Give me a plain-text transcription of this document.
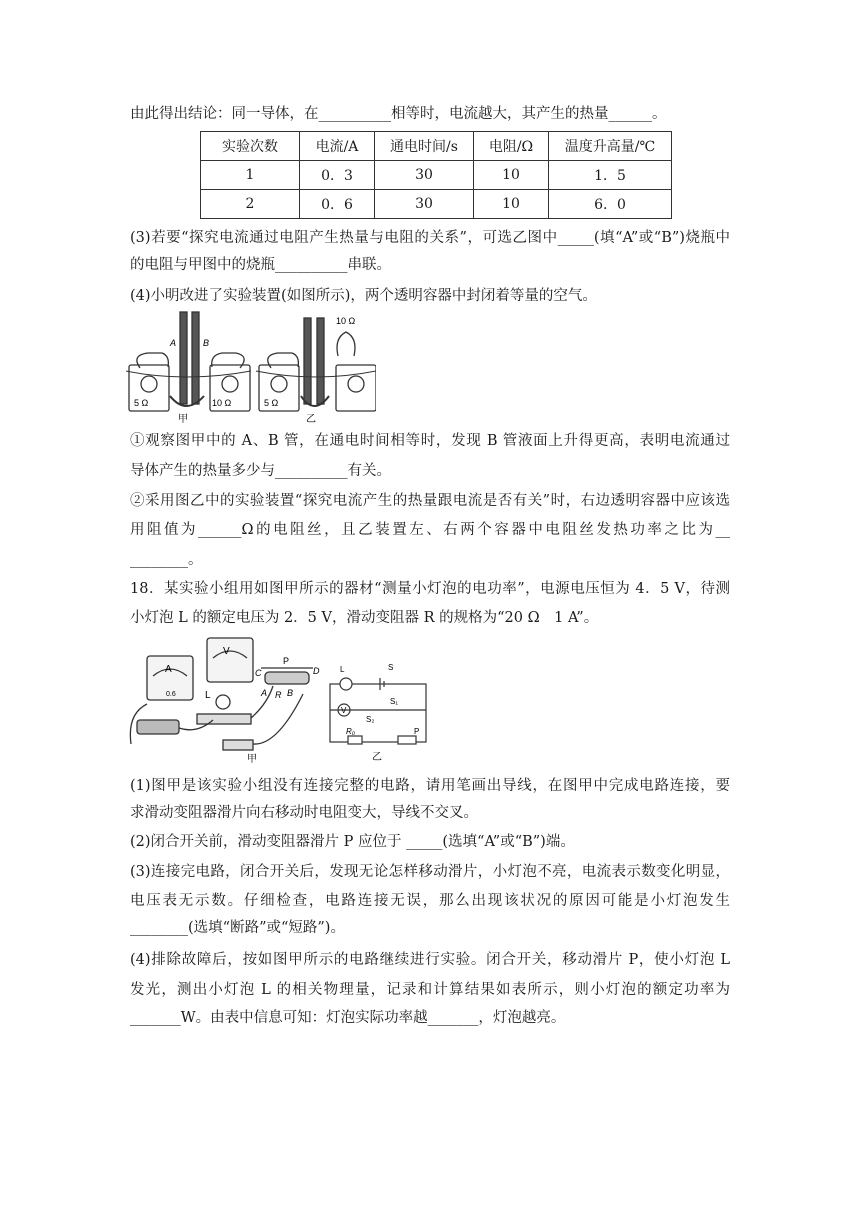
由此得出结论：同一导体，在__________相等时，电流越大，其产生的热量______。
实验次数	电流/A	通电时间/s	电阻/Ω	温度升高量/℃
1	0．3	30	10	1．5
2	0．6	30	10	6．0
(3)若要“探究电流通过电阻产生热量与电阻的关系”，可选乙图中_____(填“A”或“B”)烧瓶中
的电阻与甲图中的烧瓶__________串联。
(4)小明改进了实验装置(如图所示)，两个透明容器中封闭着等量的空气。
A	B
5 Ω	10 Ω	5 Ω
10 Ω
甲	乙
①观察图甲中的 A、B 管，在通电时间相等时，发现 B 管液面上升得更高，表明电流通过
导体产生的热量多少与__________有关。
②采用图乙中的实验装置“探究电流产生的热量跟电流是否有关”时，右边透明容器中应该选
用阻值为______Ω的电阻丝，且乙装置左、右两个容器中电阻丝发热功率之比为__
________。
18．某实验小组用如图甲所示的器材“测量小灯泡的电功率”，电源电压恒为 4．5 V，待测
小灯泡 L 的额定电压为 2．5 V，滑动变阻器 R 的规格为“20 Ω　1 A”。
A
V
0.6	L
C
P
D
A R B
甲
L	S
S₁
S₂
V
R₀	P
乙
(1)图甲是该实验小组没有连接完整的电路，请用笔画出导线，在图甲中完成电路连接，要
求滑动变阻器滑片向右移动时电阻变大，导线不交叉。
(2)闭合开关前，滑动变阻器滑片 P 应位于 _____(选填“A”或“B”)端。
(3)连接完电路，闭合开关后，发现无论怎样移动滑片，小灯泡不亮，电流表示数变化明显，
电压表无示数。仔细检查，电路连接无误，那么出现该状况的原因可能是小灯泡发生
________(选填“断路”或“短路”)。
(4)排除故障后，按如图甲所示的电路继续进行实验。闭合开关，移动滑片 P，使小灯泡 L
发光，测出小灯泡 L 的相关物理量，记录和计算结果如表所示，则小灯泡的额定功率为
_______W。由表中信息可知：灯泡实际功率越_______，灯泡越亮。
